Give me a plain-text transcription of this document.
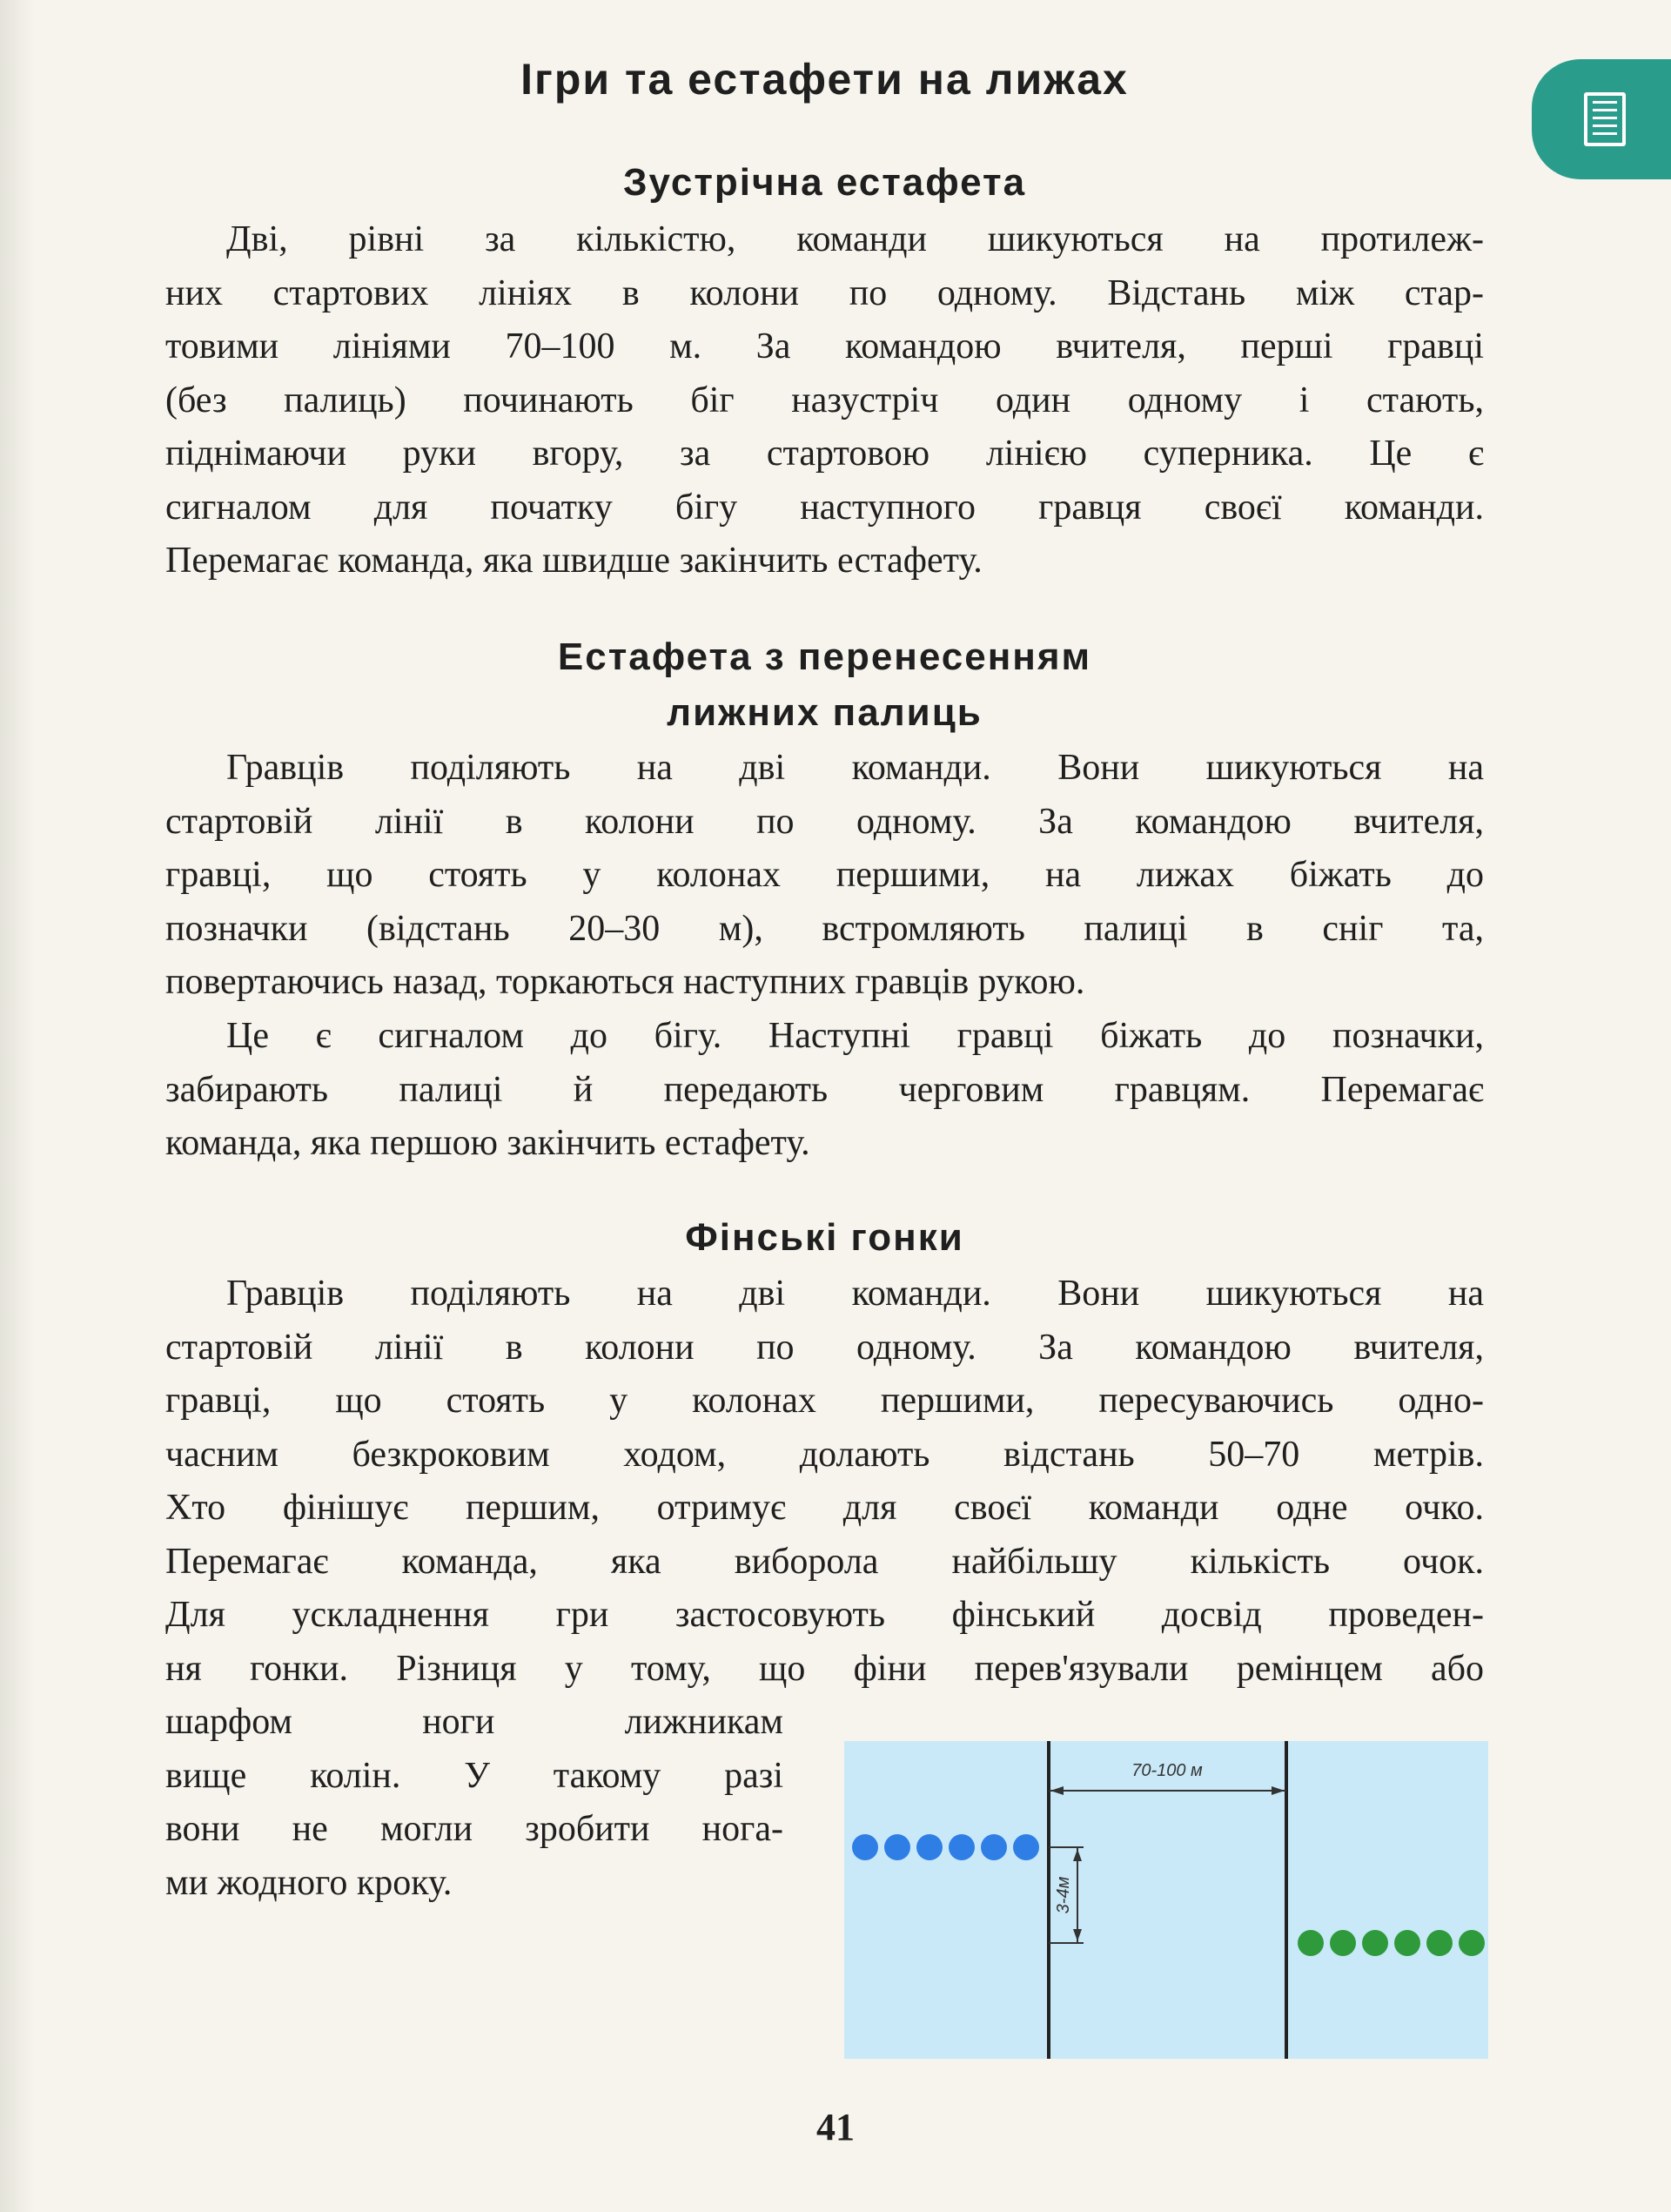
Ігри та естафети на лижах
Зустрічна естафета

Дві, рівні за кількістю, команди шикуються на протилеж-
них стартових лініях в колони по одному. Відстань між стар-
товими лініями 70–100 м. За командою вчителя, перші гравці
(без палиць) починають біг назустріч один одному і стають,
піднімаючи руки вгору, за стартовою лінією суперника. Це є
сигналом для початку бігу наступного гравця своєї команди.
Перемагає команда, яка швидше закінчить естафету.

Естафета з перенесенням
лижних палиць

Гравців поділяють на дві команди. Вони шикуються на
стартовій лінії в колони по одному. За командою вчителя,
гравці, що стоять у колонах першими, на лижах біжать до
позначки (відстань 20–30 м), встромляють палиці в сніг та,
повертаючись назад, торкаються наступних гравців рукою.

Це є сигналом до бігу. Наступні гравці біжать до позначки,
забирають палиці й передають черговим гравцям. Перемагає
команда, яка першою закінчить естафету.

Фінські гонки

Гравців поділяють на дві команди. Вони шикуються на
стартовій лінії в колони по одному. За командою вчителя,
гравці, що стоять у колонах першими, пересуваючись одно-
часним безкроковим ходом, долають відстань 50–70 метрів.
Хто фінішує першим, отримує для своєї команди одне очко.
Перемагає команда, яка виборола найбільшу кількість очок.
Для ускладнення гри застосовують фінський досвід проведен-
ня гонки. Різниця у тому, що фіни перев'язували ремінцем або

шарфом ноги лижникам
вище колін. У такому разі
вони не могли зробити нога-
ми жодного кроку.

70-100 м
3-4м
41
